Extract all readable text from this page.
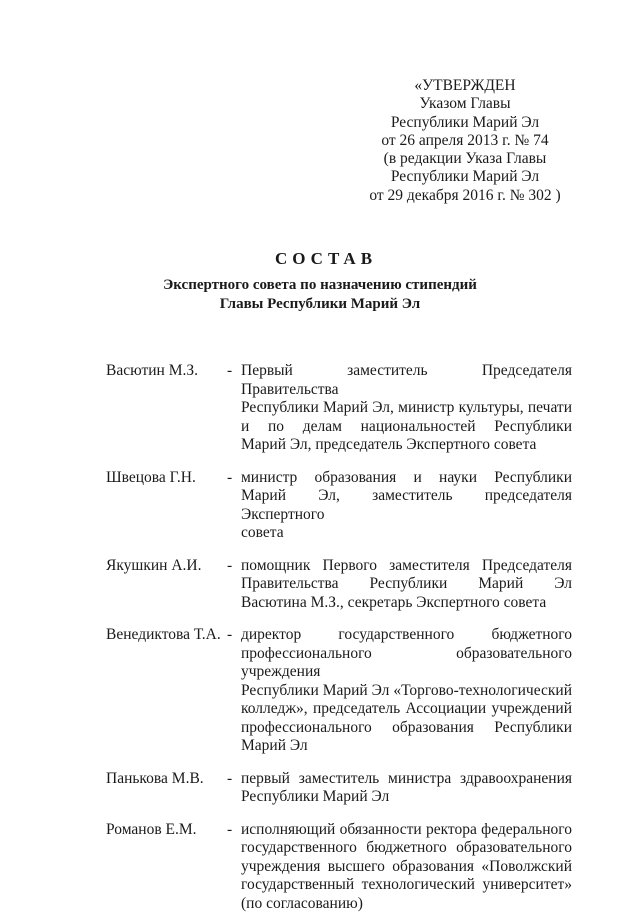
«УТВЕРЖДЕН
Указом Главы
Республики Марий Эл
от 26 апреля 2013 г. № 74
(в редакции Указа Главы
Республики Марий Эл
от 29 декабря 2016 г. № 302 )
СОСТАВ
Экспертного совета по назначению стипендий
Главы Республики Марий Эл
Васютин М.З. - Первый заместитель Председателя Правительства
Республики Марий Эл, министр культуры, печати
и по делам национальностей Республики
Марий Эл, председатель Экспертного совета
Швецова Г.Н. - министр образования и науки Республики
Марий Эл, заместитель председателя Экспертного
совета
Якушкин А.И. - помощник Первого заместителя Председателя
Правительства Республики Марий Эл
Васютина М.З., секретарь Экспертного совета
Венедиктова Т.А. - директор государственного бюджетного
профессионального образовательного учреждения
Республики Марий Эл «Торгово-технологический
колледж», председатель Ассоциации учреждений
профессионального образования Республики
Марий Эл
Панькова М.В. - первый заместитель министра здравоохранения
Республики Марий Эл
Романов Е.М. - исполняющий обязанности ректора федерального
государственного бюджетного образовательного
учреждения высшего образования «Поволжский
государственный технологический университет»
(по согласованию)
